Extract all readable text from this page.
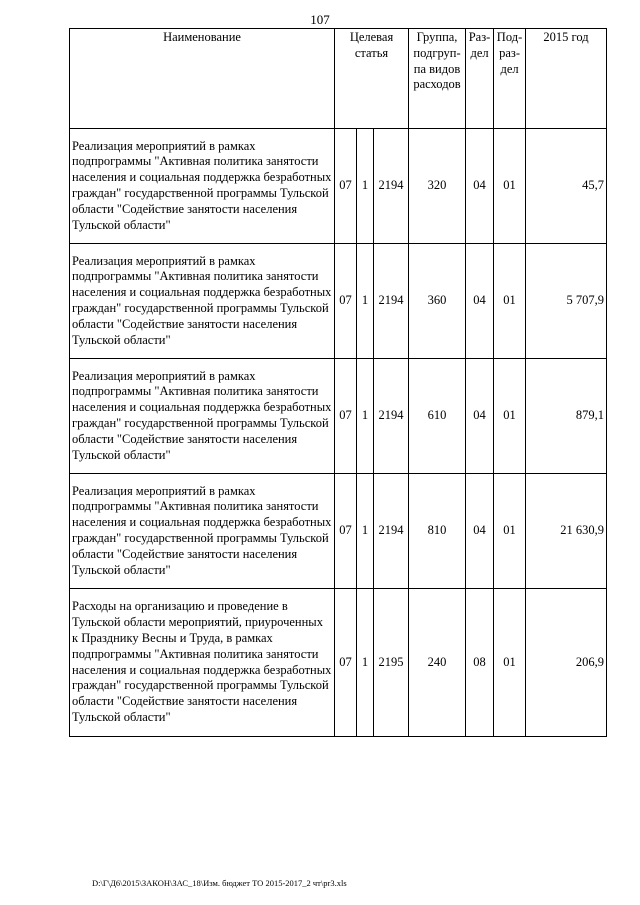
107
Наименование	Целевая статья			Группа, подгруп-па видов расходов	Раз-дел	Под-раз-дел	2015 год
Реализация мероприятий в рамках подпрограммы "Активная политика занятости населения и социальная поддержка безработных граждан" государственной программы Тульской области "Содействие занятости населения Тульской области"	07	1	2194	320	04	01	45,7
Реализация мероприятий в рамках подпрограммы "Активная политика занятости населения и социальная поддержка безработных граждан" государственной программы Тульской области "Содействие занятости населения Тульской области"	07	1	2194	360	04	01	5 707,9
Реализация мероприятий в рамках подпрограммы "Активная политика занятости населения и социальная поддержка безработных граждан" государственной программы Тульской области "Содействие занятости населения Тульской области"	07	1	2194	610	04	01	879,1
Реализация мероприятий в рамках подпрограммы "Активная политика занятости населения и социальная поддержка безработных граждан" государственной программы Тульской области "Содействие занятости населения Тульской области"	07	1	2194	810	04	01	21 630,9
Расходы на организацию и проведение в Тульской области мероприятий, приуроченных к Празднику Весны и Труда, в рамках подпрограммы "Активная политика занятости населения и социальная поддержка безработных граждан" государственной программы Тульской области "Содействие занятости населения Тульской области"	07	1	2195	240	08	01	206,9
D:\Г\Д6\2015\ЗАКОН\ЗАС_18\Изм. бюджет ТО 2015-2017_2 чт\pr3.xls
